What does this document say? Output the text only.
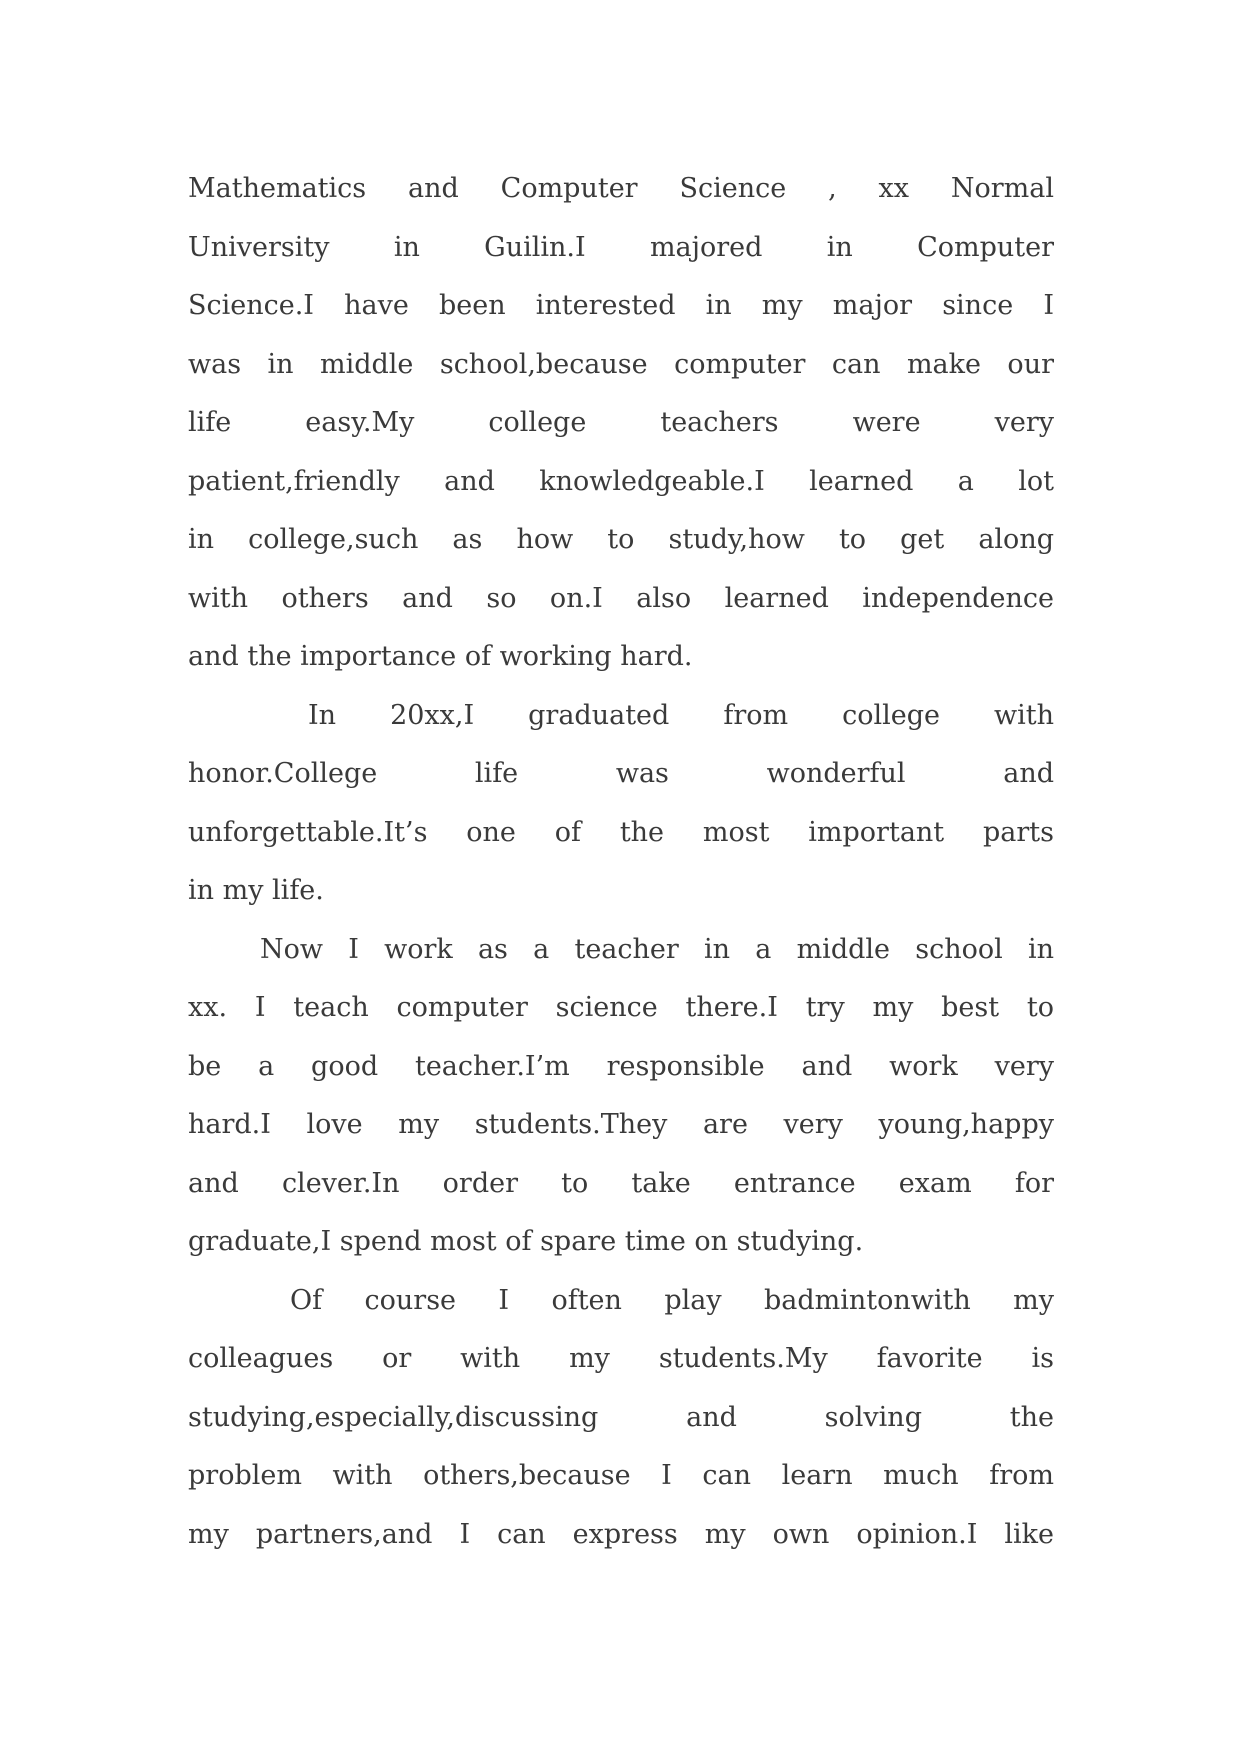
Mathematics and Computer Science , xx Normal
University in Guilin.I majored in Computer
Science.I have been interested in my major since I
was in middle school,because computer can make our
life easy.My college teachers were very
patient,friendly and knowledgeable.I learned a lot
in college,such as how to study,how to get along
with others and so on.I also learned independence
and the importance of working hard.
In 20xx,I graduated from college with
honor.College life was wonderful and
unforgettable.It’s one of the most important parts
in my life.
Now I work as a teacher in a middle school in
xx. I teach computer science there.I try my best to
be a good teacher.I’m responsible and work very
hard.I love my students.They are very young,happy
and clever.In order to take entrance exam for
graduate,I spend most of spare time on studying.
Of course I often play badmintonwith my
colleagues or with my students.My favorite is
studying,especially,discussing and solving the
problem with others,because I can learn much from
my partners,and I can express my own opinion.I like
